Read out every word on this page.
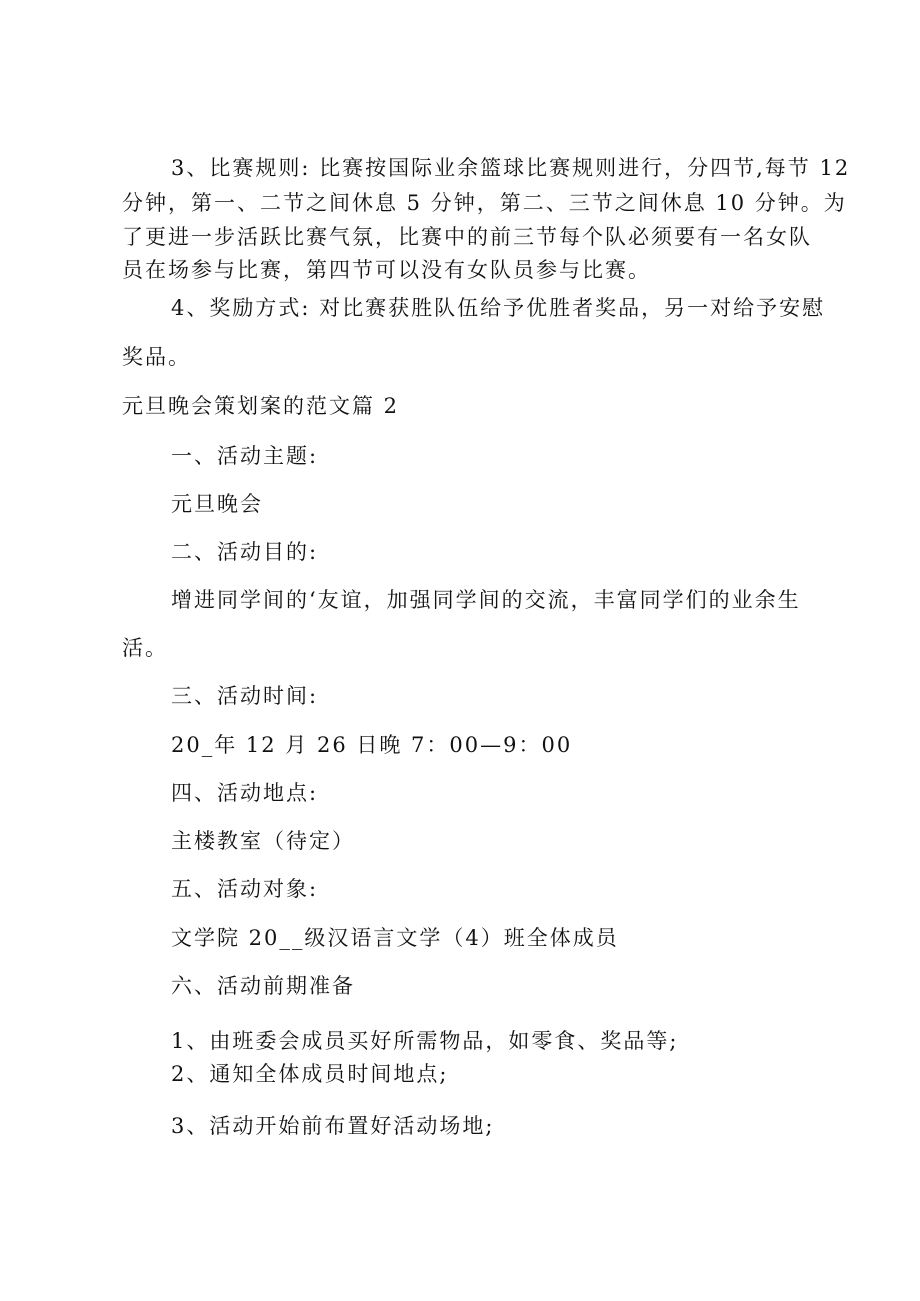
3、比赛规则: 比赛按国际业余篮球比赛规则进行，分四节,每节 12
分钟，第一、二节之间休息 5 分钟，第二、三节之间休息 10 分钟。为
了更进一步活跃比赛气氛，比赛中的前三节每个队必须要有一名女队
员在场参与比赛，第四节可以没有女队员参与比赛。
4、奖励方式: 对比赛获胜队伍给予优胜者奖品，另一对给予安慰
奖品。
元旦晚会策划案的范文篇 2
一、活动主题:
元旦晚会
二、活动目的:
增进同学间的‘友谊，加强同学间的交流，丰富同学们的业余生
活。
三、活动时间:
20_年 12 月 26 日晚 7：00—9：00
四、活动地点:
主楼教室（待定）
五、活动对象:
文学院 20__级汉语言文学（4）班全体成员
六、活动前期准备
1、由班委会成员买好所需物品，如零食、奖品等;
2、通知全体成员时间地点;
3、活动开始前布置好活动场地;
